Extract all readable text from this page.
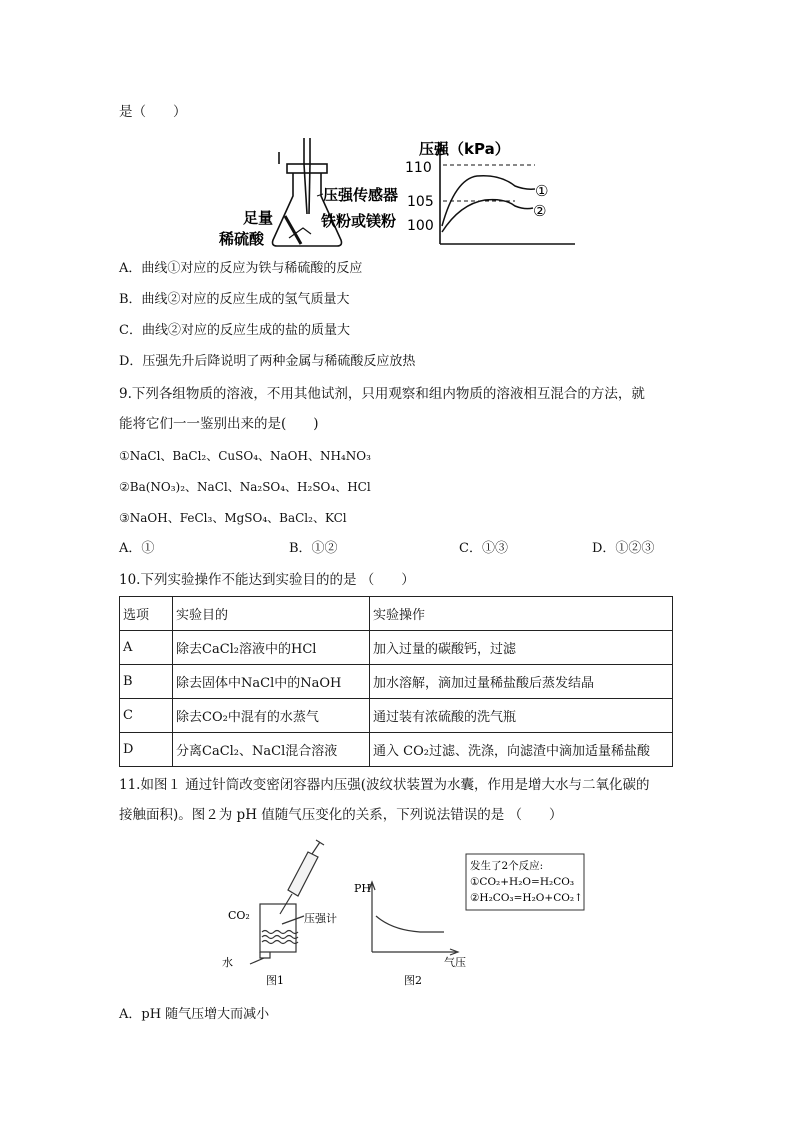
是（　　）
足量
稀硫酸
压强传感器
铁粉或镁粉
压强（kPa）
110
105
100
①
②
A．曲线①对应的反应为铁与稀硫酸的反应
B．曲线②对应的反应生成的氢气质量大
C．曲线②对应的反应生成的盐的质量大
D．压强先升后降说明了两种金属与稀硫酸反应放热
9.下列各组物质的溶液，不用其他试剂，只用观察和组内物质的溶液相互混合的方法，就
能将它们一一鉴别出来的是(　　)
①NaCl、BaCl₂、CuSO₄、NaOH、NH₄NO₃
②Ba(NO₃)₂、NaCl、Na₂SO₄、H₂SO₄、HCl
③NaOH、FeCl₃、MgSO₄、BaCl₂、KCl
A．①	B．①②	C．①③	D．①②③
10.下列实验操作不能达到实验目的的是 （　　）
选项	实验目的	实验操作
A	除去CaCl₂溶液中的HCl	加入过量的碳酸钙，过滤
B	除去固体中NaCl中的NaOH	加水溶解，滴加过量稀盐酸后蒸发结晶
C	除去CO₂中混有的水蒸气	通过装有浓硫酸的洗气瓶
D	分离CaCl₂、NaCl混合溶液	通入 CO₂过滤、洗涤，向滤渣中滴加适量稀盐酸
11.如图１ 通过针筒改变密闭容器内压强(波纹状装置为水囊，作用是增大水与二氧化碳的
接触面积)。图２为 pH 值随气压变化的关系，下列说法错误的是 （　　）
CO₂	压强计
水
图1
PH
气压
图2
发生了2个反应:
①CO₂+H₂O=H₂CO₃
②H₂CO₃=H₂O+CO₂↑
A．pH 随气压增大而减小
